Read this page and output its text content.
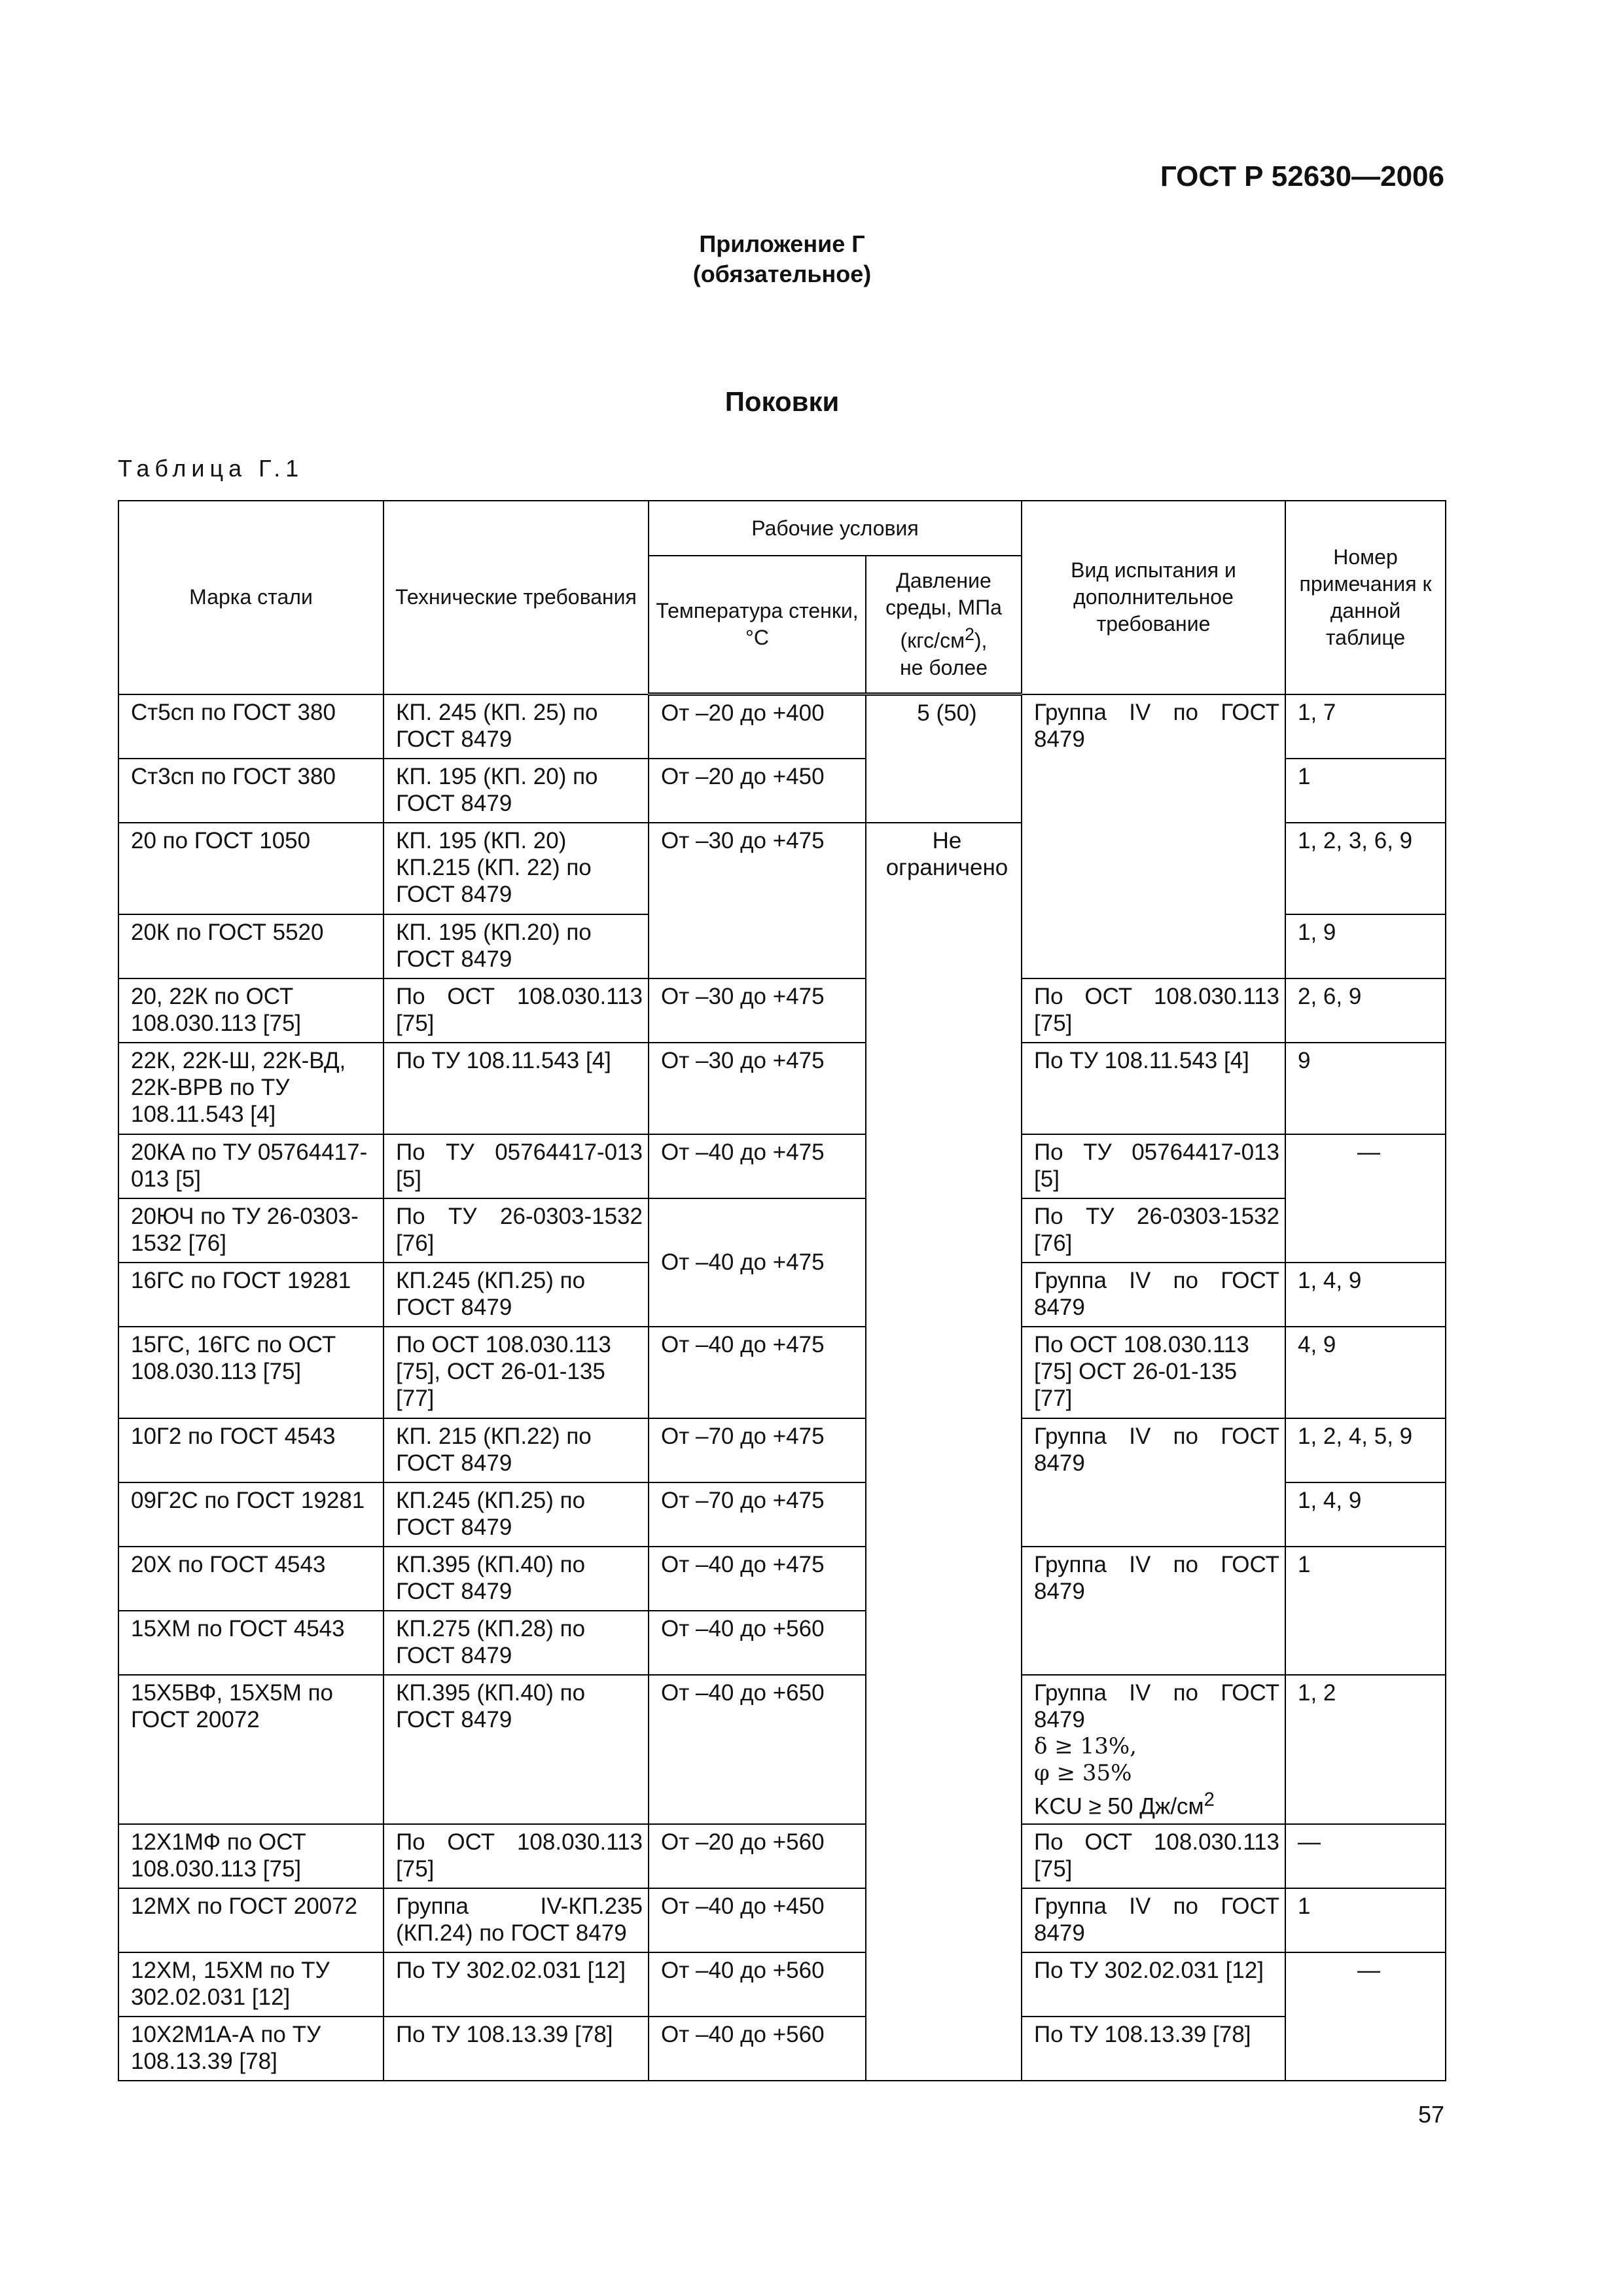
ГОСТ Р 52630—2006
Приложение Г
(обязательное)
Поковки
Таблица Г.1
Марка стали	Технические требования	Рабочие условия		Вид испытания и дополнительное требование	Номер примечания к данной таблице
		Температура стенки, °С	Давление среды, МПа
$(кгс/см^2)$,
не более		

Ст5сп по ГОСТ 380	КП. 245 (КП. 25) по ГОСТ 8479	От –20 до +400	5 (50)	Группа IV по ГОСТ 8479	1, 7
Ст3сп по ГОСТ 380	КП. 195 (КП. 20) по ГОСТ 8479	От –20 до +450			1
20 по ГОСТ 1050	КП. 195 (КП. 20) КП.215 (КП. 22) по ГОСТ 8479	От –30 до +475	Не ограничено		1, 2, 3, 6, 9
20К по ГОСТ 5520	КП. 195 (КП.20) по ГОСТ 8479				1, 9
20, 22К по ОСТ 108.030.113 [75]	По ОСТ 108.030.113 [75]	От –30 до +475		По ОСТ 108.030.113 [75]	2, 6, 9
22К, 22К-Ш, 22К-ВД, 22К-ВРВ по ТУ 108.11.543 [4]	По ТУ 108.11.543 [4]	От –30 до +475		По ТУ 108.11.543 [4]	9
20КА по ТУ 05764417-013 [5]	По ТУ 05764417-013 [5]	От –40 до +475		По ТУ 05764417-013 [5]	—
20ЮЧ по ТУ 26-0303-1532 [76]	По ТУ 26-0303-1532 [76]	От –40 до +475		По ТУ 26-0303-1532 [76]	
16ГС по ГОСТ 19281	КП.245 (КП.25) по ГОСТ 8479			Группа IV по ГОСТ 8479	1, 4, 9
15ГС, 16ГС по ОСТ 108.030.113 [75]	По ОСТ 108.030.113 [75], ОСТ 26-01-135 [77]	От –40 до +475		По ОСТ 108.030.113 [75] ОСТ 26-01-135 [77]	4, 9
10Г2 по ГОСТ 4543	КП. 215 (КП.22) по ГОСТ 8479	От –70 до +475		Группа IV по ГОСТ 8479	1, 2, 4, 5, 9
09Г2С по ГОСТ 19281	КП.245 (КП.25) по ГОСТ 8479	От –70 до +475			1, 4, 9
20Х по ГОСТ 4543	КП.395 (КП.40) по ГОСТ 8479	От –40 до +475		Группа IV по ГОСТ 8479	1
15ХМ по ГОСТ 4543	КП.275 (КП.28) по ГОСТ 8479	От –40 до +560			
15Х5ВФ, 15Х5М по ГОСТ 20072	КП.395 (КП.40) по ГОСТ 8479	От –40 до +650		Группа IV по ГОСТ 8479
δ ≥ 13%,
φ ≥ 35%
KCU ≥ 50 $Дж/см^2$	1, 2
12Х1МФ по ОСТ 108.030.113 [75]	По ОСТ 108.030.113 [75]	От –20 до +560		По ОСТ 108.030.113 [75]	—
12МХ по ГОСТ 20072	Группа IV-КП.235 (КП.24) по ГОСТ 8479	От –40 до +450		Группа IV по ГОСТ 8479	1
12ХМ, 15ХМ по ТУ 302.02.031 [12]	По ТУ 302.02.031 [12]	От –40 до +560		По ТУ 302.02.031 [12]	—
10Х2М1А-А по ТУ 108.13.39 [78]	По ТУ 108.13.39 [78]	От –40 до +560		По ТУ 108.13.39 [78]	
57
